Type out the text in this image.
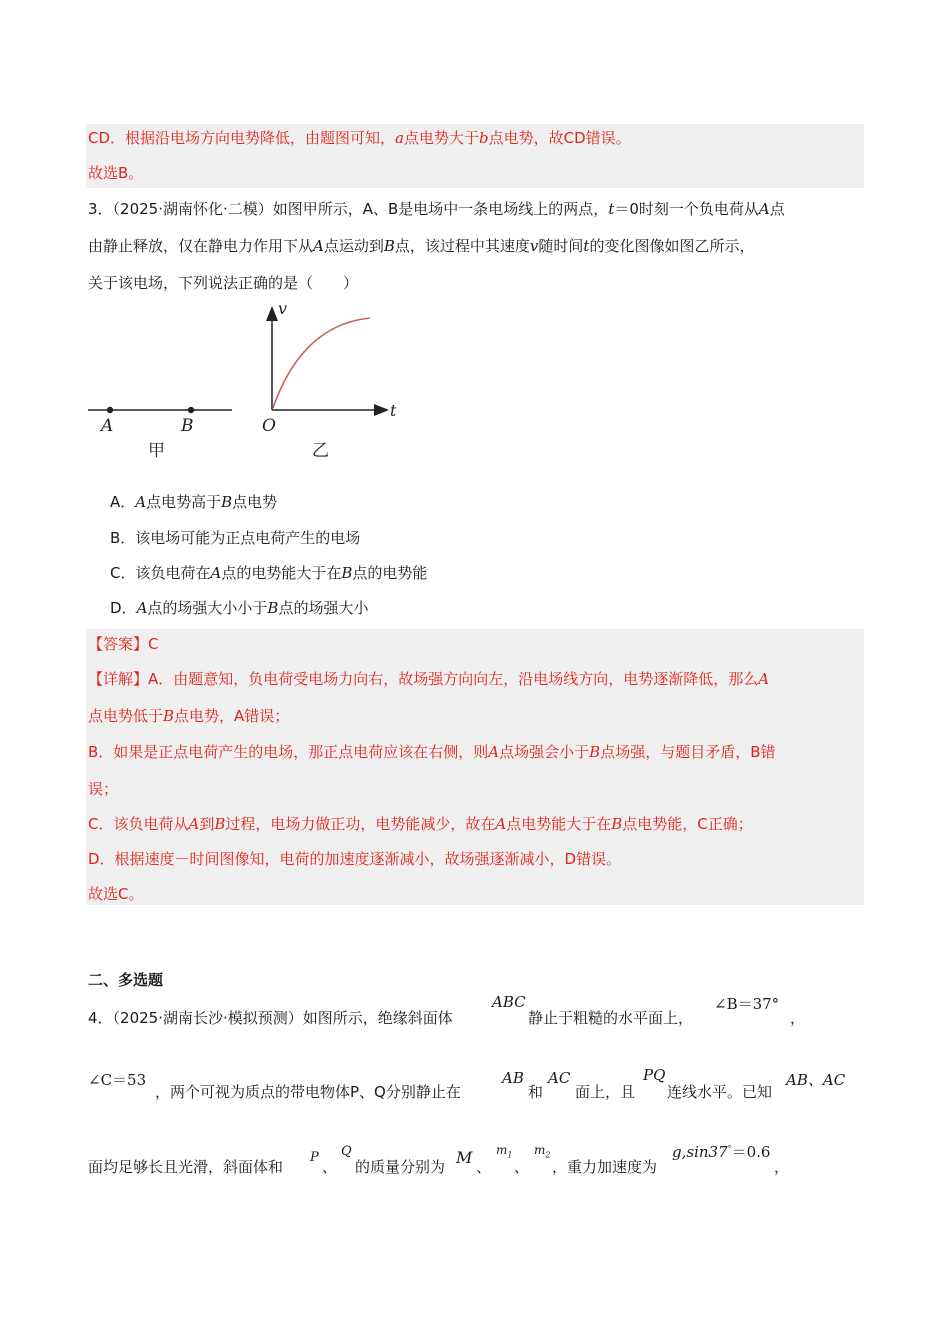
CD．根据沿电场方向电势降低，由题图可知，a点电势大于b点电势，故CD错误。
故选B。
3．（2025·湖南怀化·二模）如图甲所示，A、B是电场中一条电场线上的两点，t＝0时刻一个负电荷从A点
由静止释放，仅在静电力作用下从A点运动到B点，该过程中其速度v随时间t的变化图像如图乙所示，
关于该电场，下列说法正确的是（　　）
A	B
甲
v
t
O
乙
A．A点电势高于B点电势
B．该电场可能为正点电荷产生的电场
C．该负电荷在A点的电势能大于在B点的电势能
D．A点的场强大小小于B点的场强大小
【答案】C
【详解】A．由题意知，负电荷受电场力向右，故场强方向向左，沿电场线方向，电势逐渐降低，那么A
点电势低于B点电势，A错误；
B．如果是正点电荷产生的电场，那正点电荷应该在右侧，则A点场强会小于B点场强，与题目矛盾，B错
误；
C．该负电荷从A到B过程，电场力做正功，电势能减少，故在A点电势能大于在B点电势能，C正确；
D．根据速度－时间图像知，电荷的加速度逐渐减小，故场强逐渐减小，D错误。
故选C。
二、多选题
4．（2025·湖南长沙·模拟预测）如图所示，绝缘斜面体
ABC
静止于粗糙的水平面上，
∠B＝37°
，
∠C＝53
，两个可视为质点的带电物体P、Q分别静止在
AB
和
AC
面上，且
PQ
连线水平。已知
AB、AC
面均足够长且光滑，斜面体和
P
、
Q
的质量分别为 M 、
$m_1$
、
$m_2$
，重力加速度为
g,sin37°＝0.6
，
